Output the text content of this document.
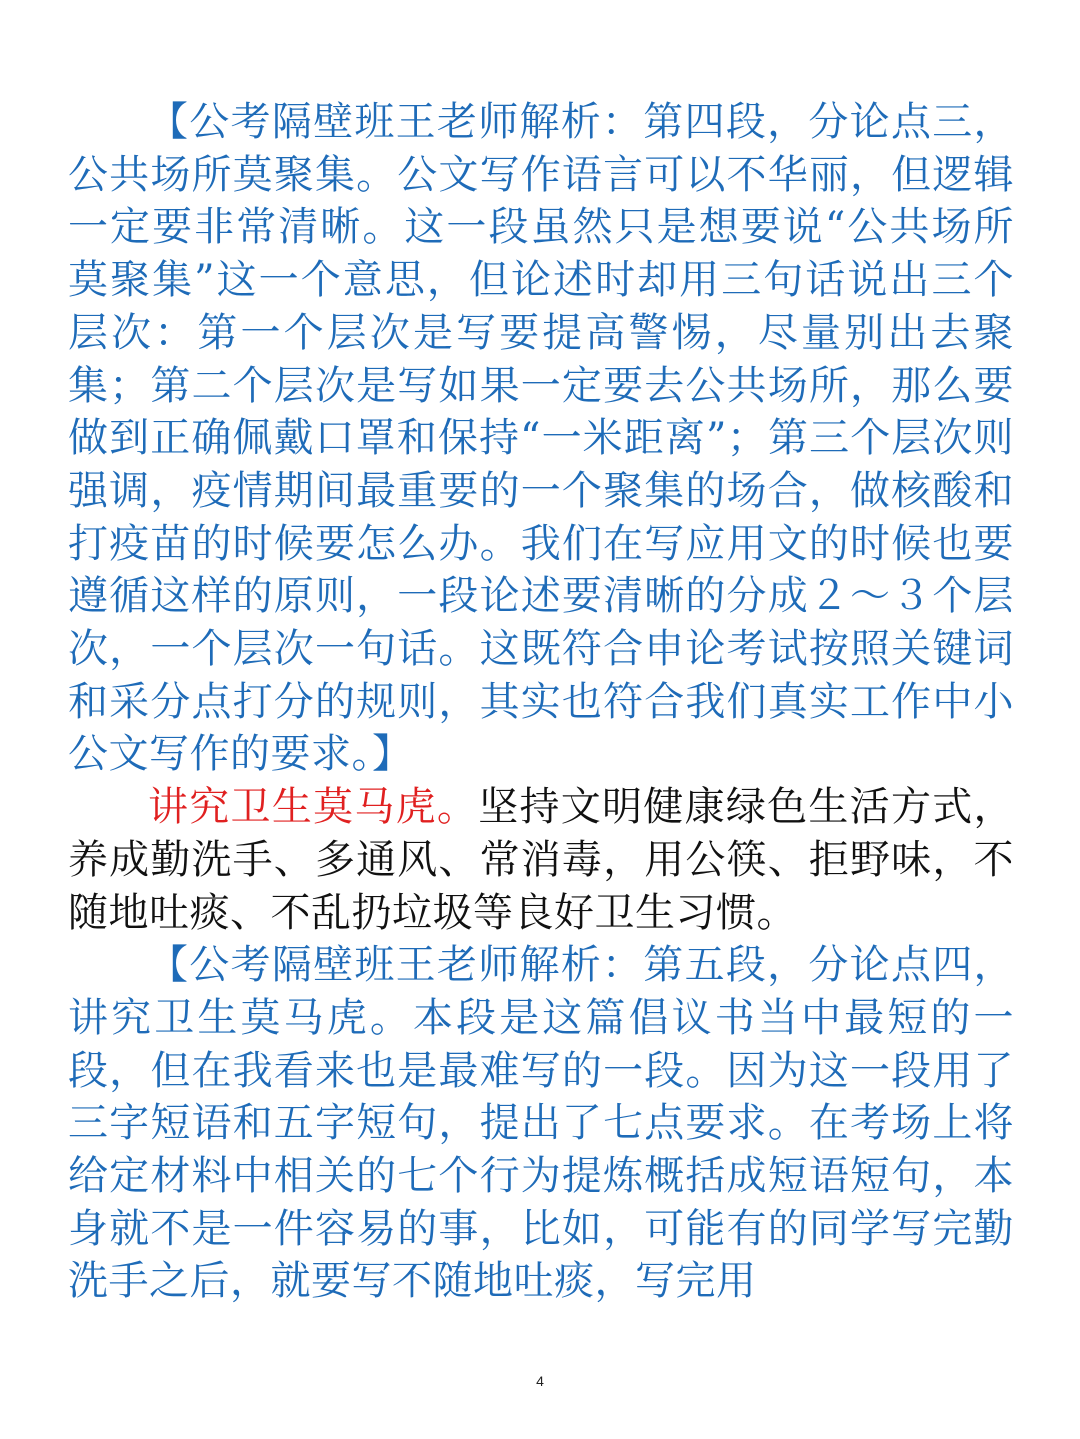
【公考隔壁班王老师解析：第四段，分论点三，公共场所莫聚集。公文写作语言可以不华丽，但逻辑一定要非常清晰。这一段虽然只是想要说“公共场所莫聚集”这一个意思，但论述时却用三句话说出三个层次：第一个层次是写要提高警惕，尽量别出去聚集；第二个层次是写如果一定要去公共场所，那么要做到正确佩戴口罩和保持“一米距离”；第三个层次则强调，疫情期间最重要的一个聚集的场合，做核酸和打疫苗的时候要怎么办。我们在写应用文的时候也要遵循这样的原则，一段论述要清晰的分成２～３个层次，一个层次一句话。这既符合申论考试按照关键词和采分点打分的规则，其实也符合我们真实工作中小公文写作的要求。】

讲究卫生莫马虎。坚持文明健康绿色生活方式，养成勤洗手、多通风、常消毒，用公筷、拒野味，不随地吐痰、不乱扔垃圾等良好卫生习惯。

【公考隔壁班王老师解析：第五段，分论点四，讲究卫生莫马虎。本段是这篇倡议书当中最短的一段，但在我看来也是最难写的一段。因为这一段用了三字短语和五字短句，提出了七点要求。在考场上将给定材料中相关的七个行为提炼概括成短语短句，本身就不是一件容易的事，比如，可能有的同学写完勤洗手之后，就要写不随地吐痰，写完用

4
